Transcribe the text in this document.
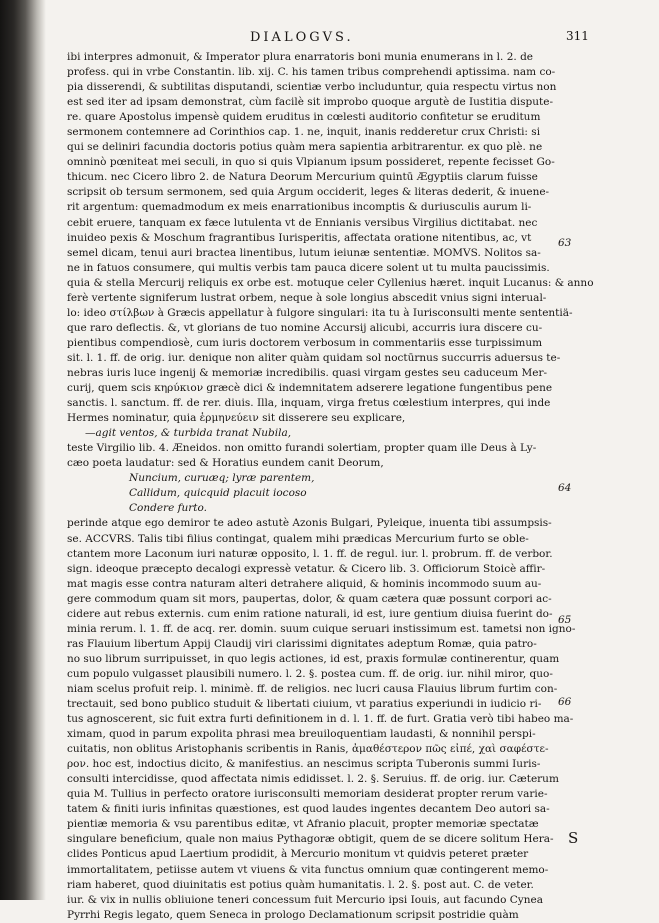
DIALOGVS.	311
ibi interpres admonuit, & Imperator plura enarratoris boni munia enumerans in l. 2. de
profess. qui in vrbe Constantin. lib. xij. C. his tamen tribus comprehendi aptissima. nam co-
pia disserendi, & subtilitas disputandi, scientiæ verbo includuntur, quia respectu virtus non
est sed iter ad ipsam demonstrat, cùm facilè sit improbo quoque argutè de Iustitia dispute-
re. quare Apostolus impensè quidem eruditus in cœlesti auditorio confitetur se eruditum
sermonem contemnere ad Corinthios cap. 1. ne, inquit, inanis redderetur crux Christi: si
qui se deliniri facundia doctoris potius quàm mera sapientia arbitrarentur. ex quo plè. ne
omninò pœniteat mei seculi, in quo si quis Vlpianum ipsum possideret, repente fecisset Go-
thicum. nec Cicero libro 2. de Natura Deorum Mercurium quintū Ægyptiis clarum fuisse
scripsit ob tersum sermonem, sed quia Argum occiderit, leges & literas dederit, & inuene-
rit argentum: quemadmodum ex meis enarrationibus incomptis & duriusculis aurum li-
cebit eruere, tanquam ex fæce lutulenta vt de Ennianis versibus Virgilius dictitabat. nec
inuideo pexis & Moschum fragrantibus Iurisperitis, affectata oratione nitentibus, ac, vt
semel dicam, tenui auri bractea linentibus, lutum ieiunæ sententiæ. MOMVS. Nolitos sa-
ne in fatuos consumere, qui multis verbis tam pauca dicere solent ut tu multa paucissimis.
quia & stella Mercurij reliquis ex orbe est. motuque celer Cyllenius hæret. inquit Lucanus: & anno
ferè vertente signiferum lustrat orbem, neque à sole longius abscedit vnius signi interual-
lo: ideo στίλβων à Græcis appellatur à fulgore singulari: ita tu à Iurisconsulti mente sententiä-
que raro deflectis. &, vt glorians de tuo nomine Accursij alicubi, accurris iura discere cu-
pientibus compendiosè, cum iuris doctorem verbosum in commentariis esse turpissimum
sit. l. 1. ff. de orig. iur. denique non aliter quàm quidam sol noctūrnus succurris aduersus te-
nebras iuris luce ingenij & memoriæ incredibilis. quasi virgam gestes seu caduceum Mer-
curij, quem scis κηρύκιον græcè dici & indemnitatem adserere legatione fungentibus pene
sanctis. l. sanctum. ff. de rer. diuis. Illa, inquam, virga fretus cœlestium interpres, qui inde
Hermes nominatur, quia ἑρμηνεύειν sit disserere seu explicare,
—agit ventos, & turbida tranat Nubila,
teste Virgilio lib. 4. Æneidos. non omitto furandi solertiam, propter quam ille Deus à Ly-
cæo poeta laudatur: sed & Horatius eundem canit Deorum,
Nuncium, curuæq; lyræ parentem,
Callidum, quicquid placuit iocoso
Condere furto.
perinde atque ego demiror te adeo astutè Azonis Bulgari, Pyleique, inuenta tibi assumpsis-
se. ACCVRS. Talis tibi filius contingat, qualem mihi prædicas Mercurium furto se oble-
ctantem more Laconum iuri naturæ opposito, l. 1. ff. de regul. iur. l. probrum. ff. de verbor.
sign. ideoque præcepto decalogi expressè vetatur. & Cicero lib. 3. Officiorum Stoicè affir-
mat magis esse contra naturam alteri detrahere aliquid, & hominis incommodo suum au-
gere commodum quam sit mors, paupertas, dolor, & quam cætera quæ possunt corpori ac-
cidere aut rebus externis. cum enim ratione naturali, id est, iure gentium diuisa fuerint do-
minia rerum. l. 1. ff. de acq. rer. domin. suum cuique seruari instissimum est. tametsi non igno-
ras Flauium libertum Appij Claudij viri clarissimi dignitates adeptum Romæ, quia patro-
no suo librum surripuisset, in quo legis actiones, id est, praxis formulæ continerentur, quam
cum populo vulgasset plausibili numero. l. 2. §. postea cum. ff. de orig. iur. nihil miror, quo-
niam scelus profuit reip. l. minimè. ff. de religios. nec lucri causa Flauius librum furtim con-
trectauit, sed bono publico studuit & libertati ciuium, vt paratius experiundi in iudicio ri-
tus agnoscerent, sic fuit extra furti definitionem in d. l. 1. ff. de furt. Gratia verò tibi habeo ma-
ximam, quod in parum expolita phrasi mea breuiloquentiam laudasti, & nonnihil perspi-
cuitatis, non oblitus Aristophanis scribentis in Ranis, ἀμαθέστερον πῶς εἰπέ, χαὶ σαφέστε-
ρον. hoc est, indoctius dicito, & manifestius. an nescimus scripta Tuberonis summi Iuris-
consulti intercidisse, quod affectata nimis edidisset. l. 2. §. Seruius. ff. de orig. iur. Cæterum
quia M. Tullius in perfecto oratore iurisconsulti memoriam desiderat propter rerum varie-
tatem & finiti iuris infinitas quæstiones, est quod laudes ingentes decantem Deo autori sa-
pientiæ memoria & vsu parentibus editæ, vt Afranio placuit, propter memoriæ spectatæ
singulare beneficium, quale non maius Pythagoræ obtigit, quem de se dicere solitum Hera-
clides Ponticus apud Laertium prodidit, à Mercurio monitum vt quidvis peteret præter
immortalitatem, petiisse autem vt viuens & vita functus omnium quæ contingerent memo-
riam haberet, quod diuinitatis est potius quàm humanitatis. l. 2. §. post aut. C. de veter.
iur. & vix in nullis obliuione teneri concessum fuit Mercurio ipsi Iouis, aut facundo Cynea
Pyrrhi Regis legato, quem Seneca in prologo Declamationum scripsit postridie quàm
63
64
65
66
S
